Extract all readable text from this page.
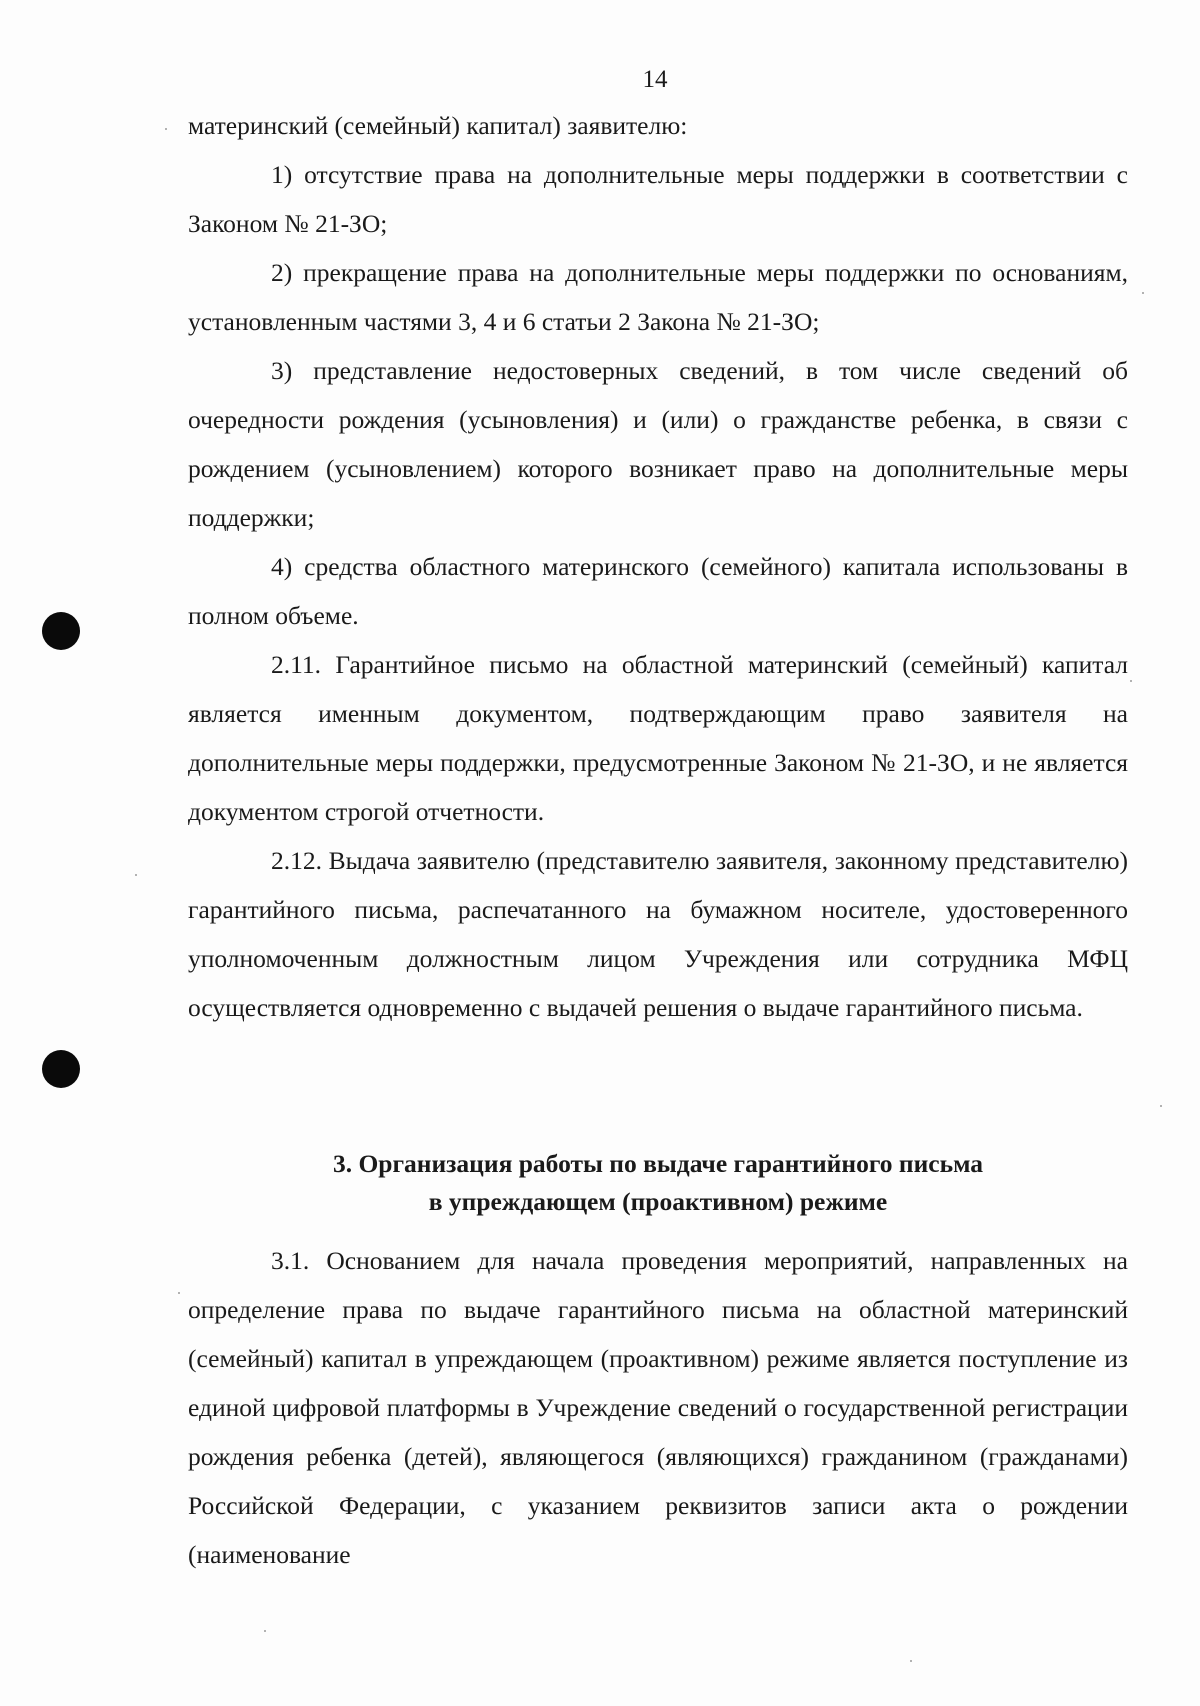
14

материнский (семейный) капитал) заявителю:

1) отсутствие права на дополнительные меры поддержки в соответствии с Законом № 21-ЗО;

2) прекращение права на дополнительные меры поддержки по основаниям, установленным частями 3, 4 и 6 статьи 2 Закона № 21-ЗО;

3) представление недостоверных сведений, в том числе сведений об очередности рождения (усыновления) и (или) о гражданстве ребенка, в связи с рождением (усыновлением) которого возникает право на дополнительные меры поддержки;

4) средства областного материнского (семейного) капитала использованы в полном объеме.

2.11. Гарантийное письмо на областной материнский (семейный) капитал является именным документом, подтверждающим право заявителя на дополнительные меры поддержки, предусмотренные Законом № 21-ЗО, и не является документом строгой отчетности.

2.12. Выдача заявителю (представителю заявителя, законному представителю) гарантийного письма, распечатанного на бумажном носителе, удостоверенного уполномоченным должностным лицом Учреждения или сотрудника МФЦ осуществляется одновременно с выдачей решения о выдаче гарантийного письма.

3. Организация работы по выдаче гарантийного письма
в упреждающем (проактивном) режиме

3.1. Основанием для начала проведения мероприятий, направленных на определение права по выдаче гарантийного письма на областной материнский (семейный) капитал в упреждающем (проактивном) режиме является поступление из единой цифровой платформы в Учреждение сведений о государственной регистрации рождения ребенка (детей), являющегося (являющихся) гражданином (гражданами) Российской Федерации, с указанием реквизитов записи акта о рождении (наименование
